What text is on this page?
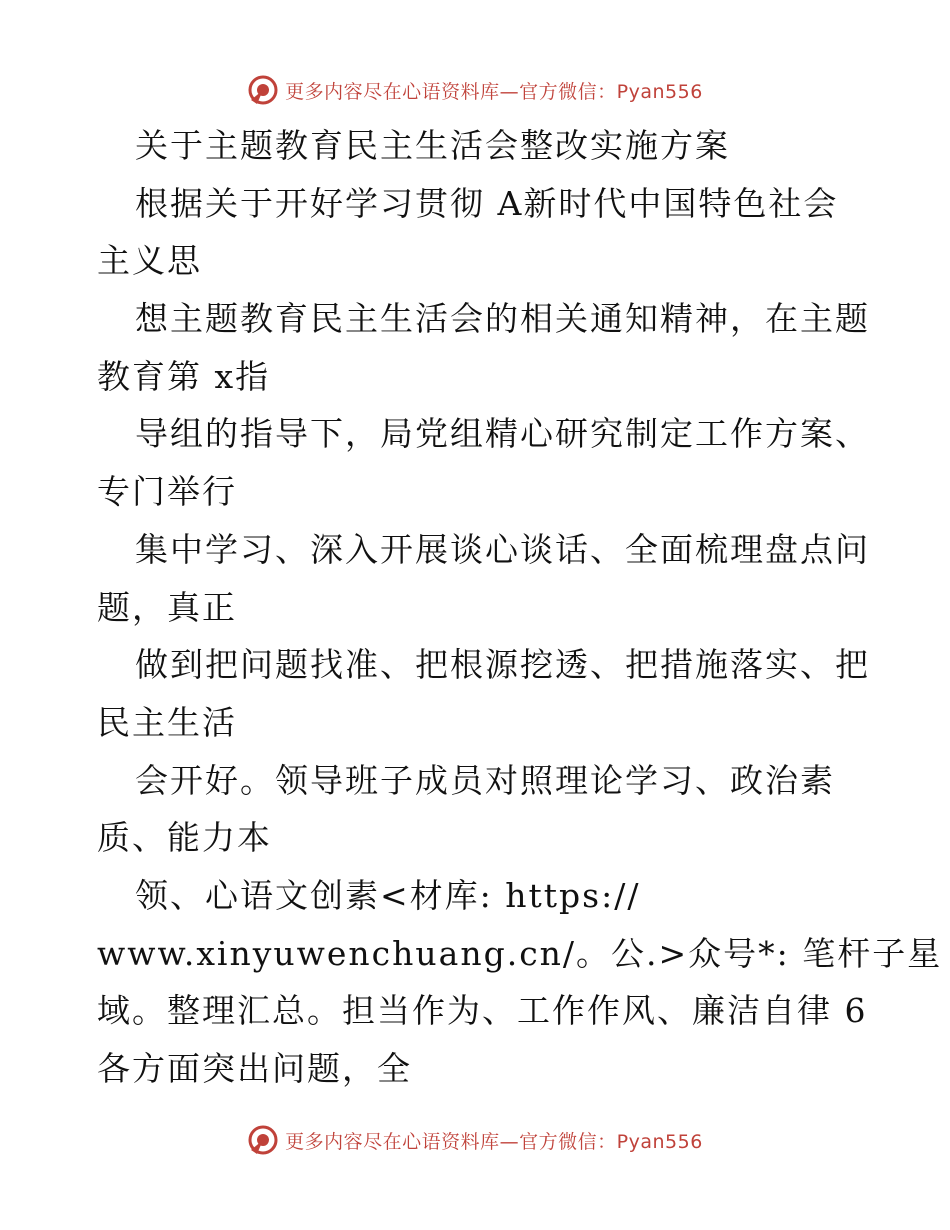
更多内容尽在心语资料库—官方微信：Pyan556
关于主题教育民主生活会整改实施方案
根据关于开好学习贯彻 A新时代中国特色社会
主义思
想主题教育民主生活会的相关通知精神，在主题
教育第 x指
导组的指导下，局党组精心研究制定工作方案、
专门举行
集中学习、深入开展谈心谈话、全面梳理盘点问
题，真正
做到把问题找准、把根源挖透、把措施落实、把
民主生活
会开好。领导班子成员对照理论学习、政治素
质、能力本
领、心语文创素<材库: https://
www.xinyuwenchuang.cn/。公.>众号*: 笔杆子星
域。整理汇总。担当作为、工作作风、廉洁自律 6
各方面突出问题，全
更多内容尽在心语资料库—官方微信：Pyan556
